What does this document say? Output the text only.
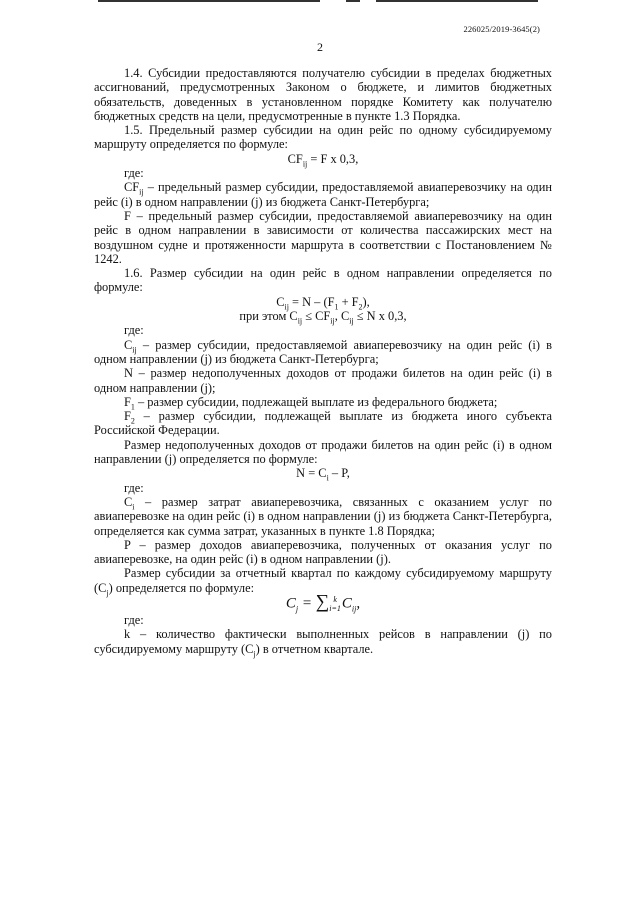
226025/2019-3645(2)
2

1.4. Субсидии предоставляются получателю субсидии в пределах бюджетных ассигнований, предусмотренных Законом о бюджете, и лимитов бюджетных обязательств, доведенных в установленном порядке Комитету как получателю бюджетных средств на цели, предусмотренные в пункте 1.3 Порядка.

1.5. Предельный размер субсидии на один рейс по одному субсидируемому маршруту определяется по формуле:

$CF_{ij} = F$ x 0,3,

где:

$CF_{ij}$ – предельный размер субсидии, предоставляемой авиаперевозчику на один рейс (i) в одном направлении (j) из бюджета Санкт-Петербурга;

F – предельный размер субсидии, предоставляемой авиаперевозчику на один рейс в одном направлении в зависимости от количества пассажирских мест на воздушном судне и протяженности маршрута в соответствии с Постановлением № 1242.

1.6. Размер субсидии на один рейс в одном направлении определяется по формуле:

$C_{ij} = N - (F_1 + F_2)$,

при этом $C_{ij} \le CF_{ij}$, $C_{ij} \le N$ x 0,3,

где:

$C_{ij}$ – размер субсидии, предоставляемой авиаперевозчику на один рейс (i) в одном направлении (j) из бюджета Санкт-Петербурга;

N – размер недополученных доходов от продажи билетов на один рейс (i) в одном направлении (j);

$F_1$ – размер субсидии, подлежащей выплате из федерального бюджета;

$F_2$ – размер субсидии, подлежащей выплате из бюджета иного субъекта Российской Федерации.

Размер недополученных доходов от продажи билетов на один рейс (i) в одном направлении (j) определяется по формуле:

$N = C_i - P$,

где:

$C_i$ – размер затрат авиаперевозчика, связанных с оказанием услуг по авиаперевозке на один рейс (i) в одном направлении (j) из бюджета Санкт-Петербурга, определяется как сумма затрат, указанных в пункте 1.8 Порядка;

P – размер доходов авиаперевозчика, полученных от оказания услуг по авиаперевозке, на один рейс (i) в одном направлении (j).

Размер субсидии за отчетный квартал по каждому субсидируемому маршруту $(C_j)$ определяется по формуле:

$C_j$ = ∑ k
i=1 $C_{ij}$,

где:

k – количество фактически выполненных рейсов в направлении (j) по субсидируемому маршруту $(C_j)$ в отчетном квартале.
